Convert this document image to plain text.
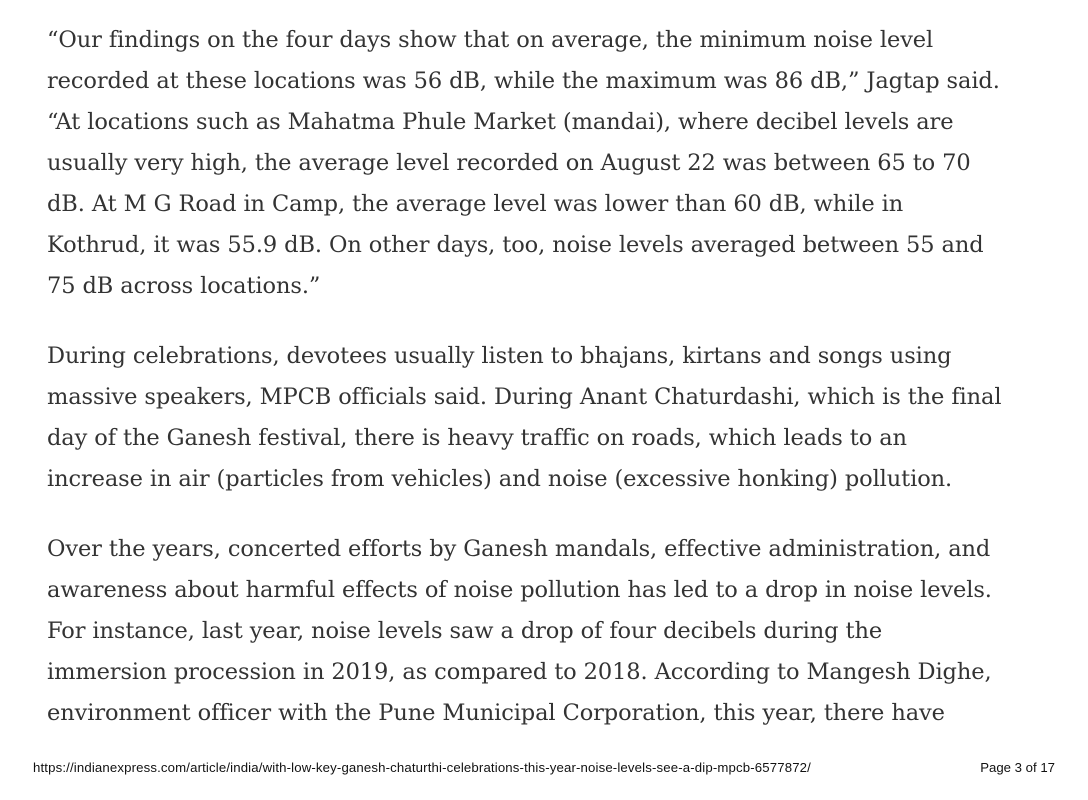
“Our findings on the four days show that on average, the minimum noise level recorded at these locations was 56 dB, while the maximum was 86 dB,” Jagtap said. “At locations such as Mahatma Phule Market (mandai), where decibel levels are usually very high, the average level recorded on August 22 was between 65 to 70 dB. At M G Road in Camp, the average level was lower than 60 dB, while in Kothrud, it was 55.9 dB. On other days, too, noise levels averaged between 55 and 75 dB across locations.”

During celebrations, devotees usually listen to bhajans, kirtans and songs using massive speakers, MPCB officials said. During Anant Chaturdashi, which is the final day of the Ganesh festival, there is heavy traffic on roads, which leads to an increase in air (particles from vehicles) and noise (excessive honking) pollution.

Over the years, concerted efforts by Ganesh mandals, effective administration, and awareness about harmful effects of noise pollution has led to a drop in noise levels. For instance, last year, noise levels saw a drop of four decibels during the immersion procession in 2019, as compared to 2018. According to Mangesh Dighe, environment officer with the Pune Municipal Corporation, this year, there have

https://indianexpress.com/article/india/with-low-key-ganesh-chaturthi-celebrations-this-year-noise-levels-see-a-dip-mpcb-6577872/	Page 3 of 17
